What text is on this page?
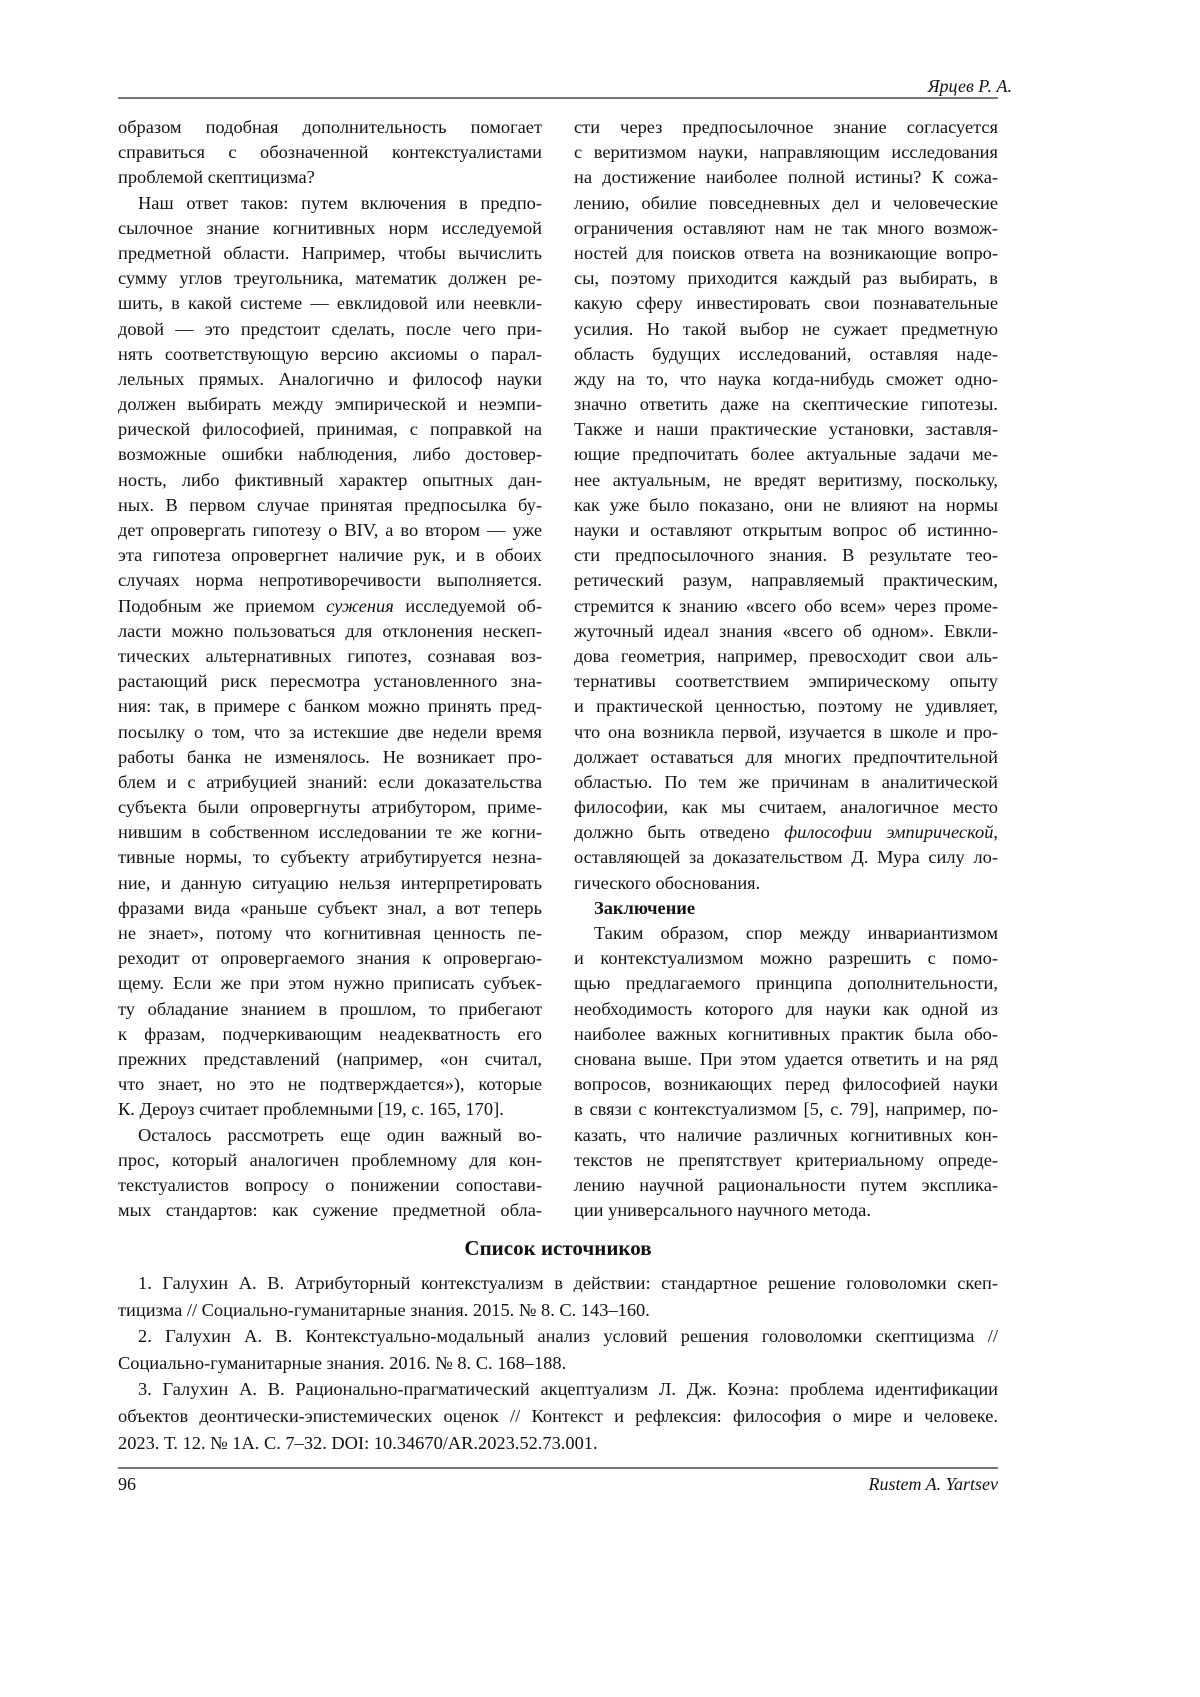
Ярцев Р. А.
образом подобная дополнительность помогает
справиться с обозначенной контекстуалистами
проблемой скептицизма?
Наш ответ таков: путем включения в предпо-
сылочное знание когнитивных норм исследуемой
предметной области. Например, чтобы вычислить
сумму углов треугольника, математик должен ре-
шить, в какой системе — евклидовой или неевкли-
довой — это предстоит сделать, после чего при-
нять соответствующую версию аксиомы о парал-
лельных прямых. Аналогично и философ науки
должен выбирать между эмпирической и неэмпи-
рической философией, принимая, с поправкой на
возможные ошибки наблюдения, либо достовер-
ность, либо фиктивный характер опытных дан-
ных. В первом случае принятая предпосылка бу-
дет опровергать гипотезу о BIV, а во втором — уже
эта гипотеза опровергнет наличие рук, и в обоих
случаях норма непротиворечивости выполняется.
Подобным же приемом сужения исследуемой об-
ласти можно пользоваться для отклонения нескеп-
тических альтернативных гипотез, сознавая воз-
растающий риск пересмотра установленного зна-
ния: так, в примере с банком можно принять пред-
посылку о том, что за истекшие две недели время
работы банка не изменялось. Не возникает про-
блем и с атрибуцией знаний: если доказательства
субъекта были опровергнуты атрибутором, приме-
нившим в собственном исследовании те же когни-
тивные нормы, то субъекту атрибутируется незна-
ние, и данную ситуацию нельзя интерпретировать
фразами вида «раньше субъект знал, а вот теперь
не знает», потому что когнитивная ценность пе-
реходит от опровергаемого знания к опровергаю-
щему. Если же при этом нужно приписать субъек-
ту обладание знанием в прошлом, то прибегают
к фразам, подчеркивающим неадекватность его
прежних представлений (например, «он считал,
что знает, но это не подтверждается»), которые
К. Дероуз считает проблемными [19, с. 165, 170].
Осталось рассмотреть еще один важный во-
прос, который аналогичен проблемному для кон-
текстуалистов вопросу о понижении сопостави-
мых стандартов: как сужение предметной обла-
сти через предпосылочное знание согласуется
с веритизмом науки, направляющим исследования
на достижение наиболее полной истины? К сожа-
лению, обилие повседневных дел и человеческие
ограничения оставляют нам не так много возмож-
ностей для поисков ответа на возникающие вопро-
сы, поэтому приходится каждый раз выбирать, в
какую сферу инвестировать свои познавательные
усилия. Но такой выбор не сужает предметную
область будущих исследований, оставляя наде-
жду на то, что наука когда-нибудь сможет одно-
значно ответить даже на скептические гипотезы.
Также и наши практические установки, заставля-
ющие предпочитать более актуальные задачи ме-
нее актуальным, не вредят веритизму, поскольку,
как уже было показано, они не влияют на нормы
науки и оставляют открытым вопрос об истинно-
сти предпосылочного знания. В результате тео-
ретический разум, направляемый практическим,
стремится к знанию «всего обо всем» через проме-
жуточный идеал знания «всего об одном». Евкли-
дова геометрия, например, превосходит свои аль-
тернативы соответствием эмпирическому опыту
и практической ценностью, поэтому не удивляет,
что она возникла первой, изучается в школе и про-
должает оставаться для многих предпочтительной
областью. По тем же причинам в аналитической
философии, как мы считаем, аналогичное место
должно быть отведено философии эмпирической,
оставляющей за доказательством Д. Мура силу ло-
гического обоснования.
Заключение
Таким образом, спор между инвариантизмом
и контекстуализмом можно разрешить с помо-
щью предлагаемого принципа дополнительности,
необходимость которого для науки как одной из
наиболее важных когнитивных практик была обо-
снована выше. При этом удается ответить и на ряд
вопросов, возникающих перед философией науки
в связи с контекстуализмом [5, с. 79], например, по-
казать, что наличие различных когнитивных кон-
текстов не препятствует критериальному опреде-
лению научной рациональности путем эксплика-
ции универсального научного метода.
Список источников
1. Галухин А. В. Атрибуторный контекстуализм в действии: стандартное решение головоломки скеп-
тицизма // Социально-гуманитарные знания. 2015. № 8. С. 143–160.
2. Галухин А. В. Контекстуально-модальный анализ условий решения головоломки скептицизма //
Социально-гуманитарные знания. 2016. № 8. С. 168–188.
3. Галухин А. В. Рационально-прагматический акцептуализм Л. Дж. Коэна: проблема идентификации
объектов деонтически-эпистемических оценок // Контекст и рефлексия: философия о мире и человеке.
2023. Т. 12. № 1А. С. 7–32. DOI: 10.34670/AR.2023.52.73.001.
96	Rustem A. Yartsev
